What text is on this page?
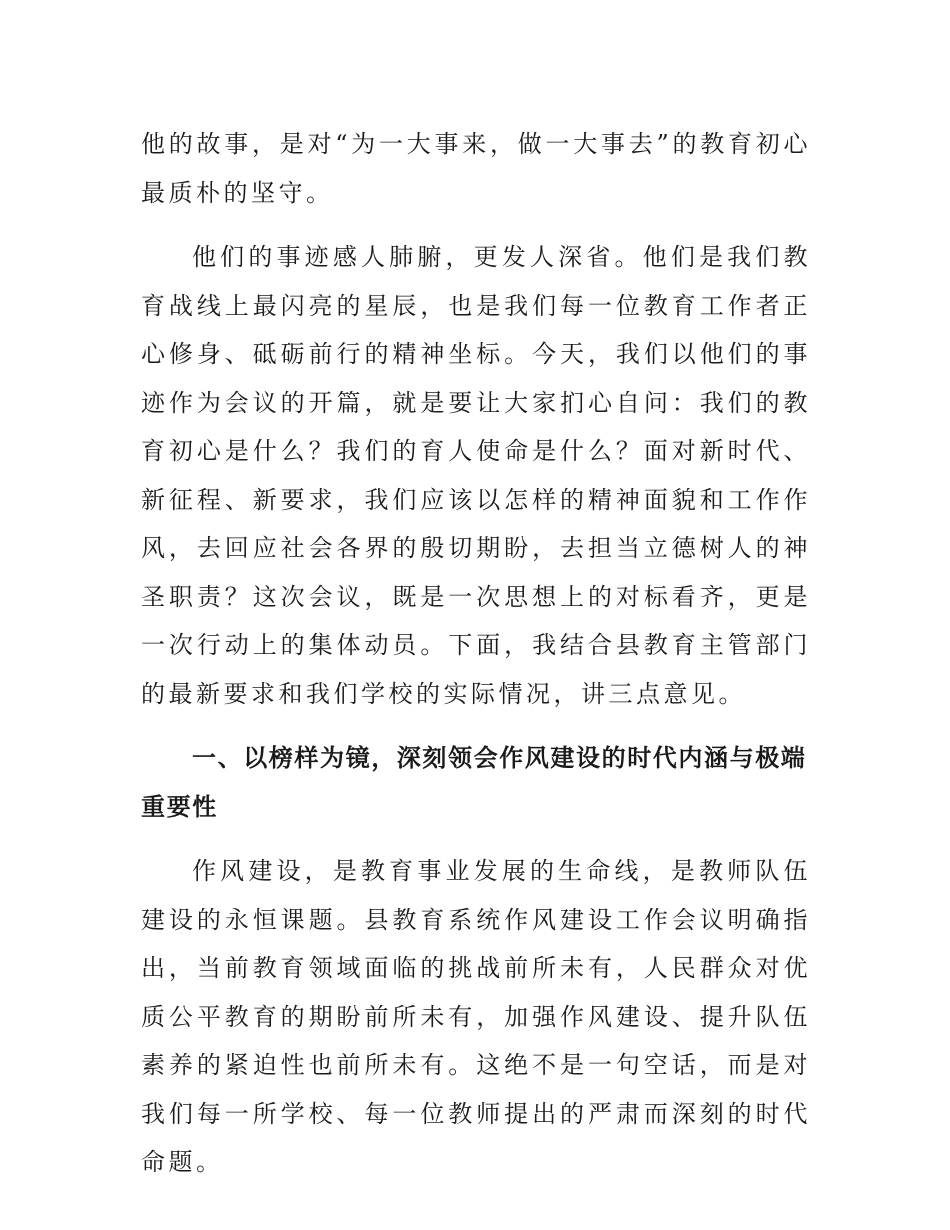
他的故事，是对“为一大事来，做一大事去”的教育初心最质朴的坚守。

他们的事迹感人肺腑，更发人深省。他们是我们教育战线上最闪亮的星辰，也是我们每一位教育工作者正心修身、砥砺前行的精神坐标。今天，我们以他们的事迹作为会议的开篇，就是要让大家扪心自问：我们的教育初心是什么？我们的育人使命是什么？面对新时代、新征程、新要求，我们应该以怎样的精神面貌和工作作风，去回应社会各界的殷切期盼，去担当立德树人的神圣职责？这次会议，既是一次思想上的对标看齐，更是一次行动上的集体动员。下面，我结合县教育主管部门的最新要求和我们学校的实际情况，讲三点意见。

一、以榜样为镜，深刻领会作风建设的时代内涵与极端重要性

作风建设，是教育事业发展的生命线，是教师队伍建设的永恒课题。县教育系统作风建设工作会议明确指出，当前教育领域面临的挑战前所未有，人民群众对优质公平教育的期盼前所未有，加强作风建设、提升队伍素养的紧迫性也前所未有。这绝不是一句空话，而是对我们每一所学校、每一位教师提出的严肃而深刻的时代命题。
